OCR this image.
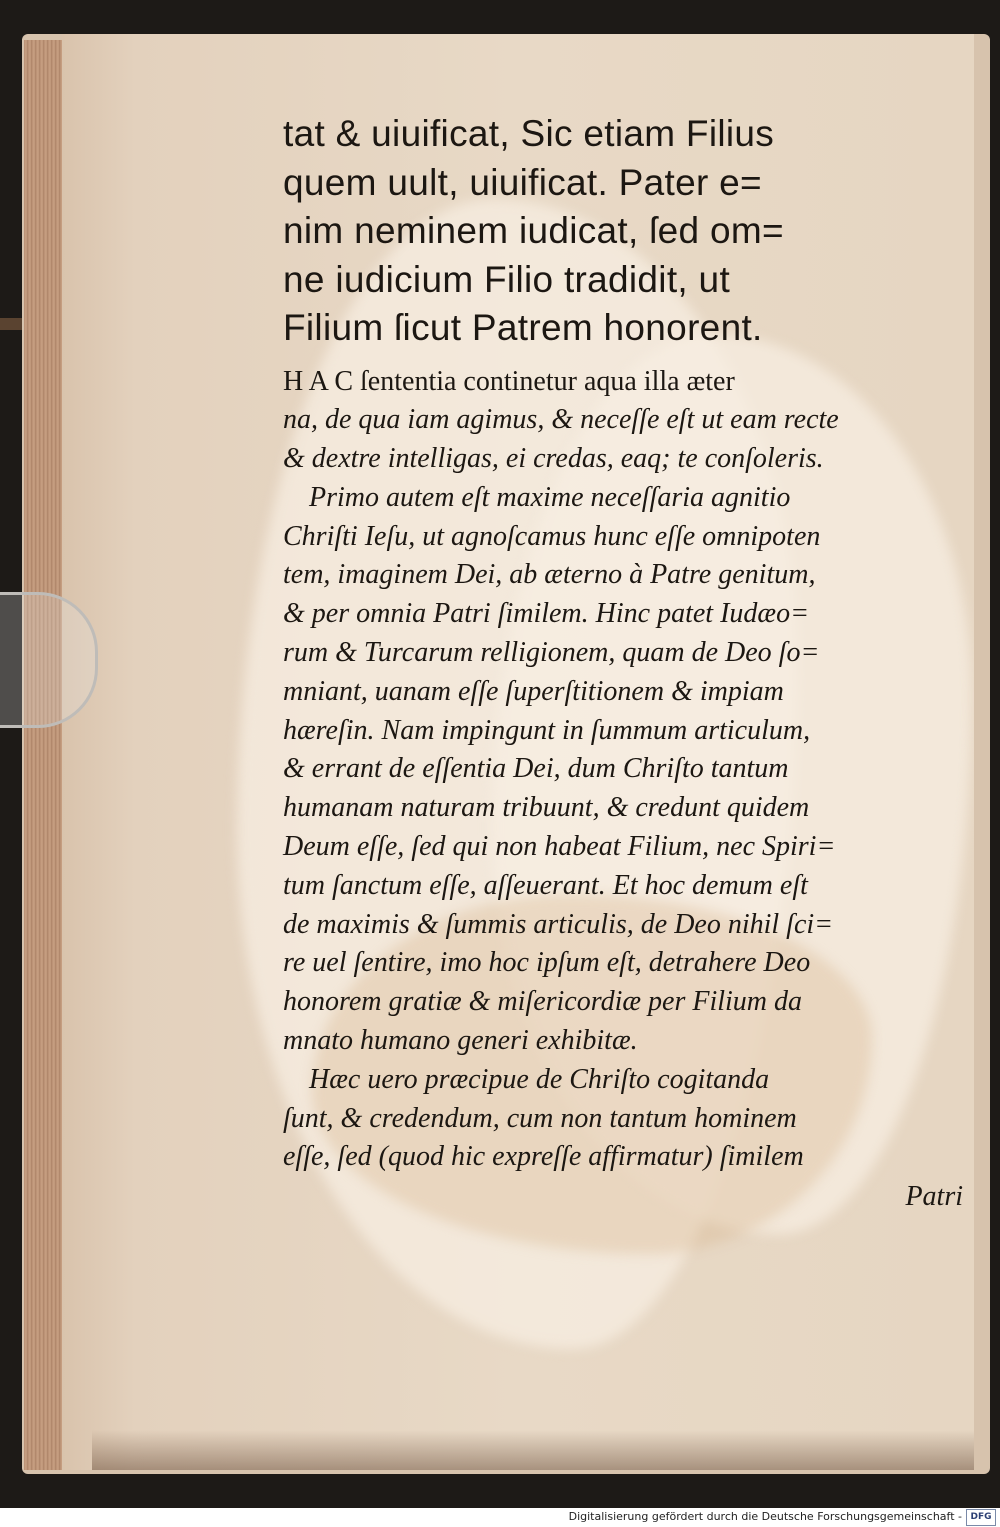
tat & uiuificat, Sic etiam Filius
quem uult, uiuificat. Pater e=
nim neminem iudicat, ſed om=
ne iudicium Filio tradidit, ut
Filium ſicut Patrem honorent.
H A C ſententia continetur aqua illa æter
na, de qua iam agimus, & neceſſe eſt ut eam recte
& dextre intelligas, ei credas, eaq; te conſoleris.
Primo autem eſt maxime neceſſaria agnitio
Chriſti Ieſu, ut agnoſcamus hunc eſſe omnipoten
tem, imaginem Dei, ab æterno à Patre genitum,
& per omnia Patri ſimilem. Hinc patet Iudæo=
rum & Turcarum relligionem, quam de Deo ſo=
mniant, uanam eſſe ſuperſtitionem & impiam
hæreſin. Nam impingunt in ſummum articulum,
& errant de eſſentia Dei, dum Chriſto tantum
humanam naturam tribuunt, & credunt quidem
Deum eſſe, ſed qui non habeat Filium, nec Spiri=
tum ſanctum eſſe, aſſeuerant. Et hoc demum eſt
de maximis & ſummis articulis, de Deo nihil ſci=
re uel ſentire, imo hoc ipſum eſt, detrahere Deo
honorem gratiæ & miſericordiæ per Filium da
mnato humano generi exhibitæ.
Hæc uero præcipue de Chriſto cogitanda
ſunt, & credendum, cum non tantum hominem
eſſe, ſed (quod hic expreſſe affirmatur) ſimilem
Patri
Digitalisierung gefördert durch die Deutsche Forschungsgemeinschaft - DFG
